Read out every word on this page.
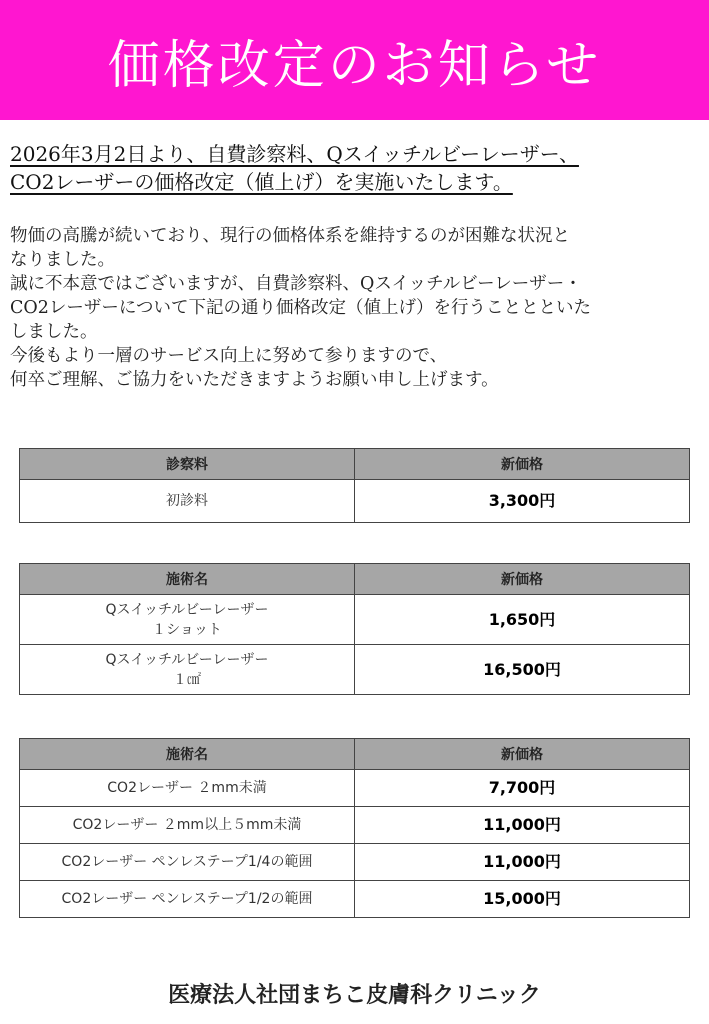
価格改定のお知らせ
2026年3月2日より、自費診察料、Qスイッチルビーレーザー、
CO2レーザーの価格改定（値上げ）を実施いたします。
物価の高騰が続いており、現行の価格体系を維持するのが困難な状況と
なりました。
誠に不本意ではございますが、自費診察料、Qスイッチルビーレーザー・
CO2レーザーについて下記の通り価格改定（値上げ）を行うこととといた
しました。
今後もより一層のサービス向上に努めて参りますので、
何卒ご理解、ご協力をいただきますようお願い申し上げます。
診察料	新価格
初診料	3,300円
施術名	新価格

Qスイッチルビーレーザー
１ショット	1,650円

Qスイッチルビーレーザー
１㎠	16,500円
施術名	新価格
CO2レーザー ２mm未満	7,700円
CO2レーザー ２mm以上５mm未満	11,000円
CO2レーザー ペンレステープ1/4の範囲	11,000円
CO2レーザー ペンレステープ1/2の範囲	15,000円
医療法人社団まちこ皮膚科クリニック
